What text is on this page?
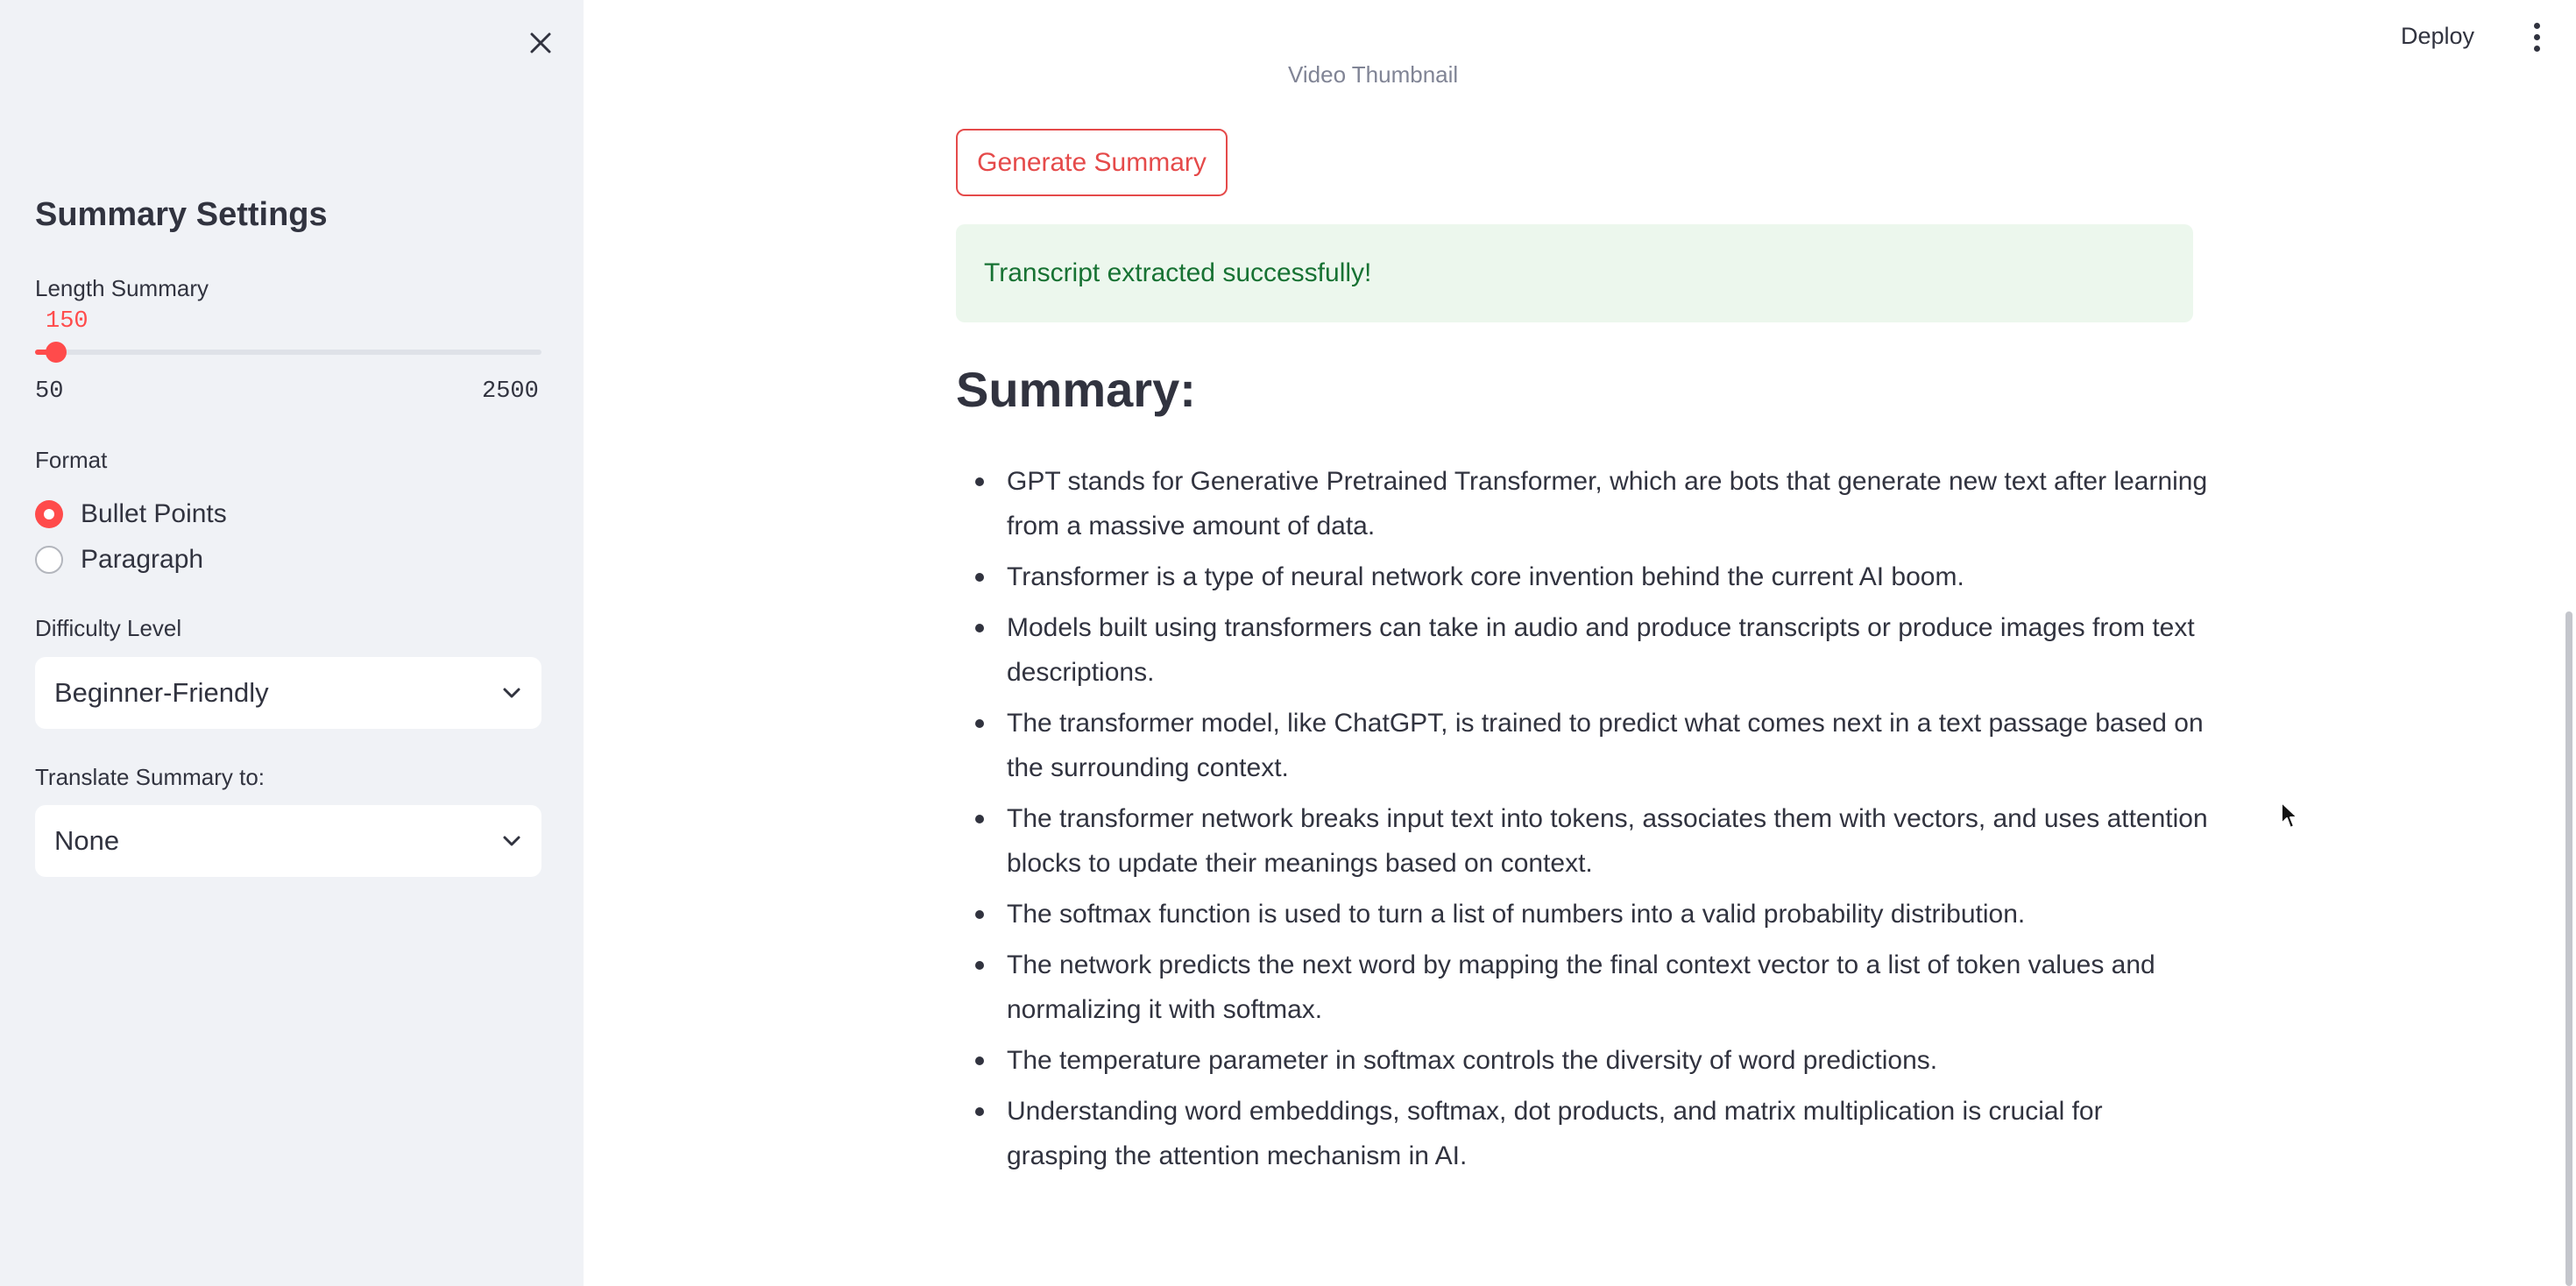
Summary Settings
Length Summary
150
50	2500
Format
Bullet Points
Paragraph
Difficulty Level
Beginner-Friendly
Translate Summary to:
None
Deploy
Video Thumbnail
Generate Summary
Transcript extracted successfully!
Summary:
GPT stands for Generative Pretrained Transformer, which are bots that generate new text after learning from a massive amount of data.
Transformer is a type of neural network core invention behind the current AI boom.
Models built using transformers can take in audio and produce transcripts or produce images from text descriptions.
The transformer model, like ChatGPT, is trained to predict what comes next in a text passage based on the surrounding context.
The transformer network breaks input text into tokens, associates them with vectors, and uses attention blocks to update their meanings based on context.
The softmax function is used to turn a list of numbers into a valid probability distribution.
The network predicts the next word by mapping the final context vector to a list of token values and normalizing it with softmax.
The temperature parameter in softmax controls the diversity of word predictions.
Understanding word embeddings, softmax, dot products, and matrix multiplication is crucial for grasping the attention mechanism in AI.
